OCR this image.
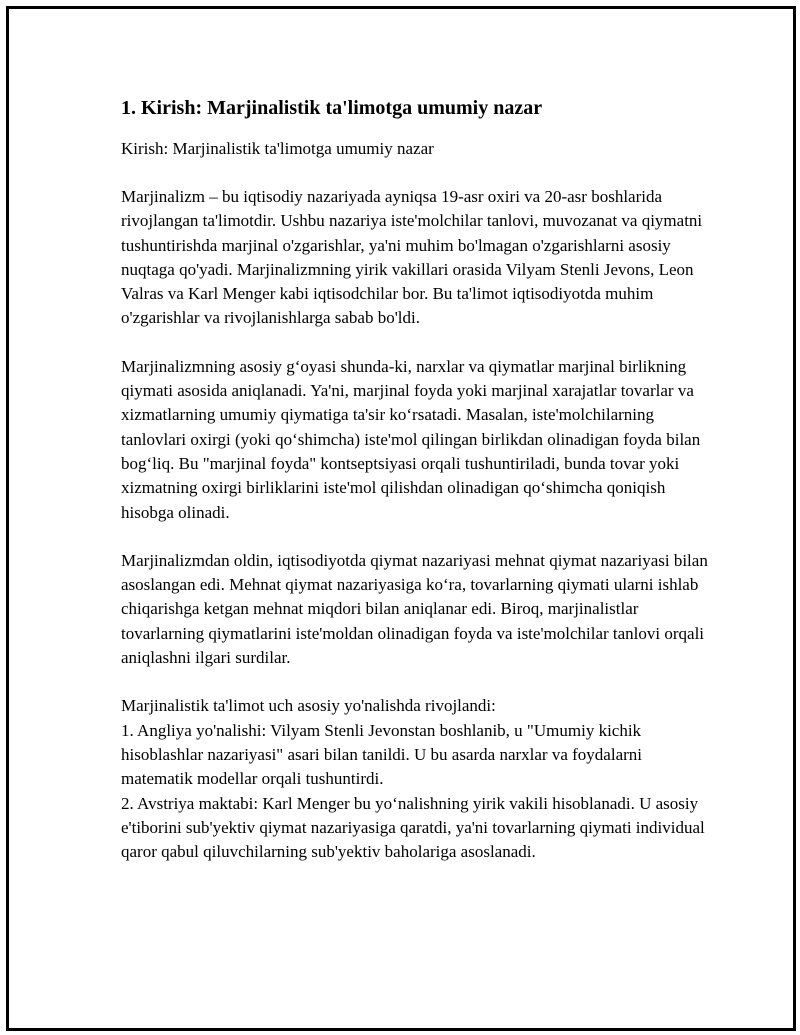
1. Kirish: Marjinalistik ta'limotga umumiy nazar

Kirish: Marjinalistik ta'limotga umumiy nazar

Marjinalizm – bu iqtisodiy nazariyada ayniqsa 19-asr oxiri va 20-asr boshlarida rivojlangan ta'limotdir. Ushbu nazariya iste'molchilar tanlovi, muvozanat va qiymatni tushuntirishda marjinal o'zgarishlar, ya'ni muhim bo'lmagan o'zgarishlarni asosiy nuqtaga qo'yadi. Marjinalizmning yirik vakillari orasida Vilyam Stenli Jevons, Leon Valras va Karl Menger kabi iqtisodchilar bor. Bu ta'limot iqtisodiyotda muhim o'zgarishlar va rivojlanishlarga sabab bo'ldi.

Marjinalizmning asosiy g‘oyasi shunda-ki, narxlar va qiymatlar marjinal birlikning qiymati asosida aniqlanadi. Ya'ni, marjinal foyda yoki marjinal xarajatlar tovarlar va xizmatlarning umumiy qiymatiga ta'sir ko‘rsatadi. Masalan, iste'molchilarning tanlovlari oxirgi (yoki qo‘shimcha) iste'mol qilingan birlikdan olinadigan foyda bilan bog‘liq. Bu "marjinal foyda" kontseptsiyasi orqali tushuntiriladi, bunda tovar yoki xizmatning oxirgi birliklarini iste'mol qilishdan olinadigan qo‘shimcha qoniqish hisobga olinadi.

Marjinalizmdan oldin, iqtisodiyotda qiymat nazariyasi mehnat qiymat nazariyasi bilan asoslangan edi. Mehnat qiymat nazariyasiga ko‘ra, tovarlarning qiymati ularni ishlab chiqarishga ketgan mehnat miqdori bilan aniqlanar edi. Biroq, marjinalistlar tovarlarning qiymatlarini iste'moldan olinadigan foyda va iste'molchilar tanlovi orqali aniqlashni ilgari surdilar.

Marjinalistik ta'limot uch asosiy yo'nalishda rivojlandi:
1. Angliya yo'nalishi: Vilyam Stenli Jevonstan boshlanib, u "Umumiy kichik hisoblashlar nazariyasi" asari bilan tanildi. U bu asarda narxlar va foydalarni matematik modellar orqali tushuntirdi.
2. Avstriya maktabi: Karl Menger bu yo‘nalishning yirik vakili hisoblanadi. U asosiy e'tiborini sub'yektiv qiymat nazariyasiga qaratdi, ya'ni tovarlarning qiymati individual qaror qabul qiluvchilarning sub'yektiv baholariga asoslanadi.
